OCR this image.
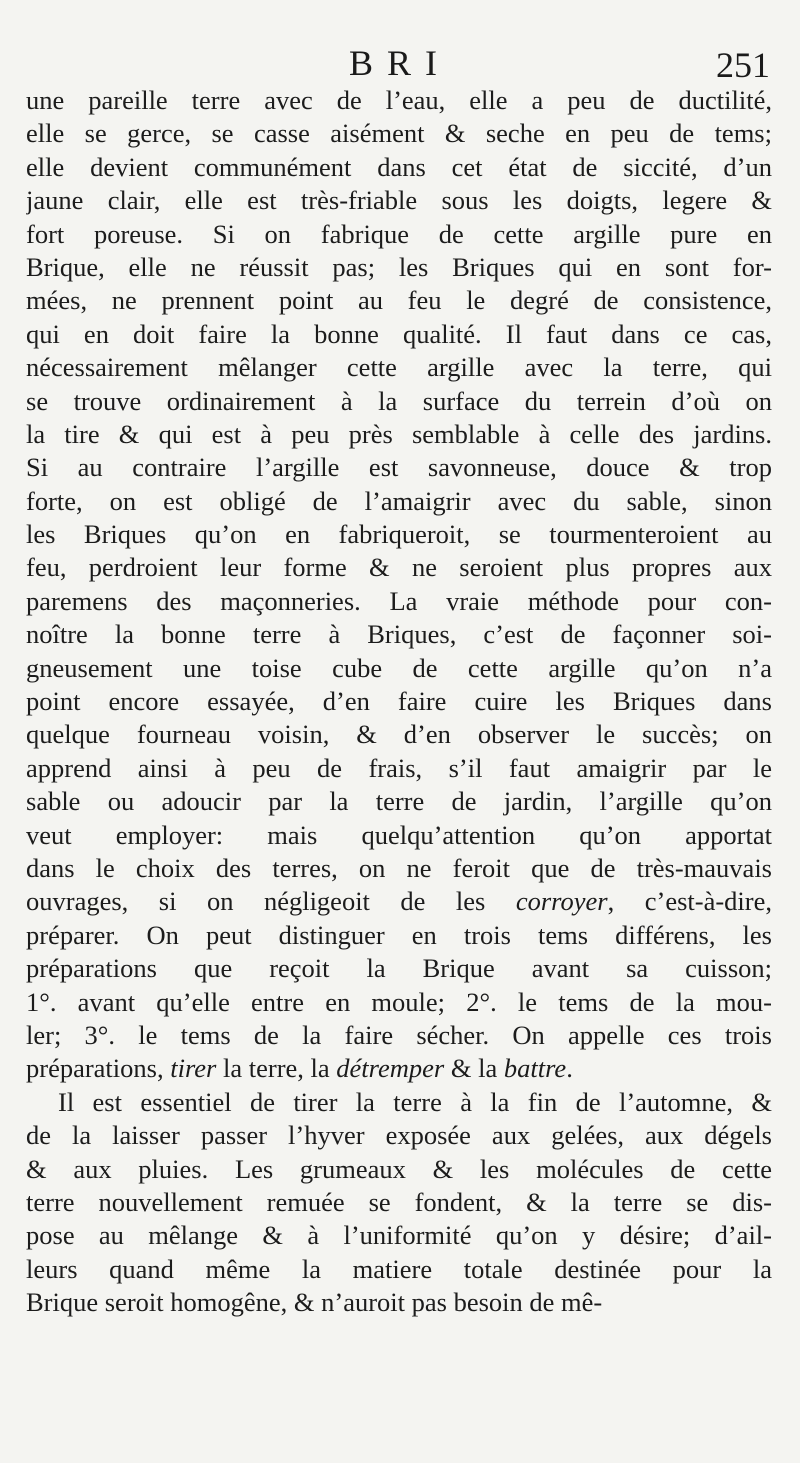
BRI	251
une pareille terre avec de l’eau, elle a peu de ductilité,
elle se gerce, se casse aisément & seche en peu de tems;
elle devient communément dans cet état de siccité, d’un
jaune clair, elle est très-friable sous les doigts, legere &
fort poreuse. Si on fabrique de cette argille pure en
Brique, elle ne réussit pas; les Briques qui en sont for-
mées, ne prennent point au feu le degré de consistence,
qui en doit faire la bonne qualité. Il faut dans ce cas,
nécessairement mêlanger cette argille avec la terre, qui
se trouve ordinairement à la surface du terrein d’où on
la tire & qui est à peu près semblable à celle des jardins.
Si au contraire l’argille est savonneuse, douce & trop
forte, on est obligé de l’amaigrir avec du sable, sinon
les Briques qu’on en fabriqueroit, se tourmenteroient au
feu, perdroient leur forme & ne seroient plus propres aux
paremens des maçonneries. La vraie méthode pour con-
noître la bonne terre à Briques, c’est de façonner soi-
gneusement une toise cube de cette argille qu’on n’a
point encore essayée, d’en faire cuire les Briques dans
quelque fourneau voisin, & d’en observer le succès; on
apprend ainsi à peu de frais, s’il faut amaigrir par le
sable ou adoucir par la terre de jardin, l’argille qu’on
veut employer: mais quelqu’attention qu’on apportat
dans le choix des terres, on ne feroit que de très-mauvais
ouvrages, si on négligeoit de les corroyer, c’est-à-dire,
préparer. On peut distinguer en trois tems différens, les
préparations que reçoit la Brique avant sa cuisson;
1°. avant qu’elle entre en moule; 2°. le tems de la mou-
ler; 3°. le tems de la faire sécher. On appelle ces trois
préparations, tirer la terre, la détremper & la battre.
Il est essentiel de tirer la terre à la fin de l’automne, &
de la laisser passer l’hyver exposée aux gelées, aux dégels
& aux pluies. Les grumeaux & les molécules de cette
terre nouvellement remuée se fondent, & la terre se dis-
pose au mêlange & à l’uniformité qu’on y désire; d’ail-
leurs quand même la matiere totale destinée pour la
Brique seroit homogêne, & n’auroit pas besoin de mê-
